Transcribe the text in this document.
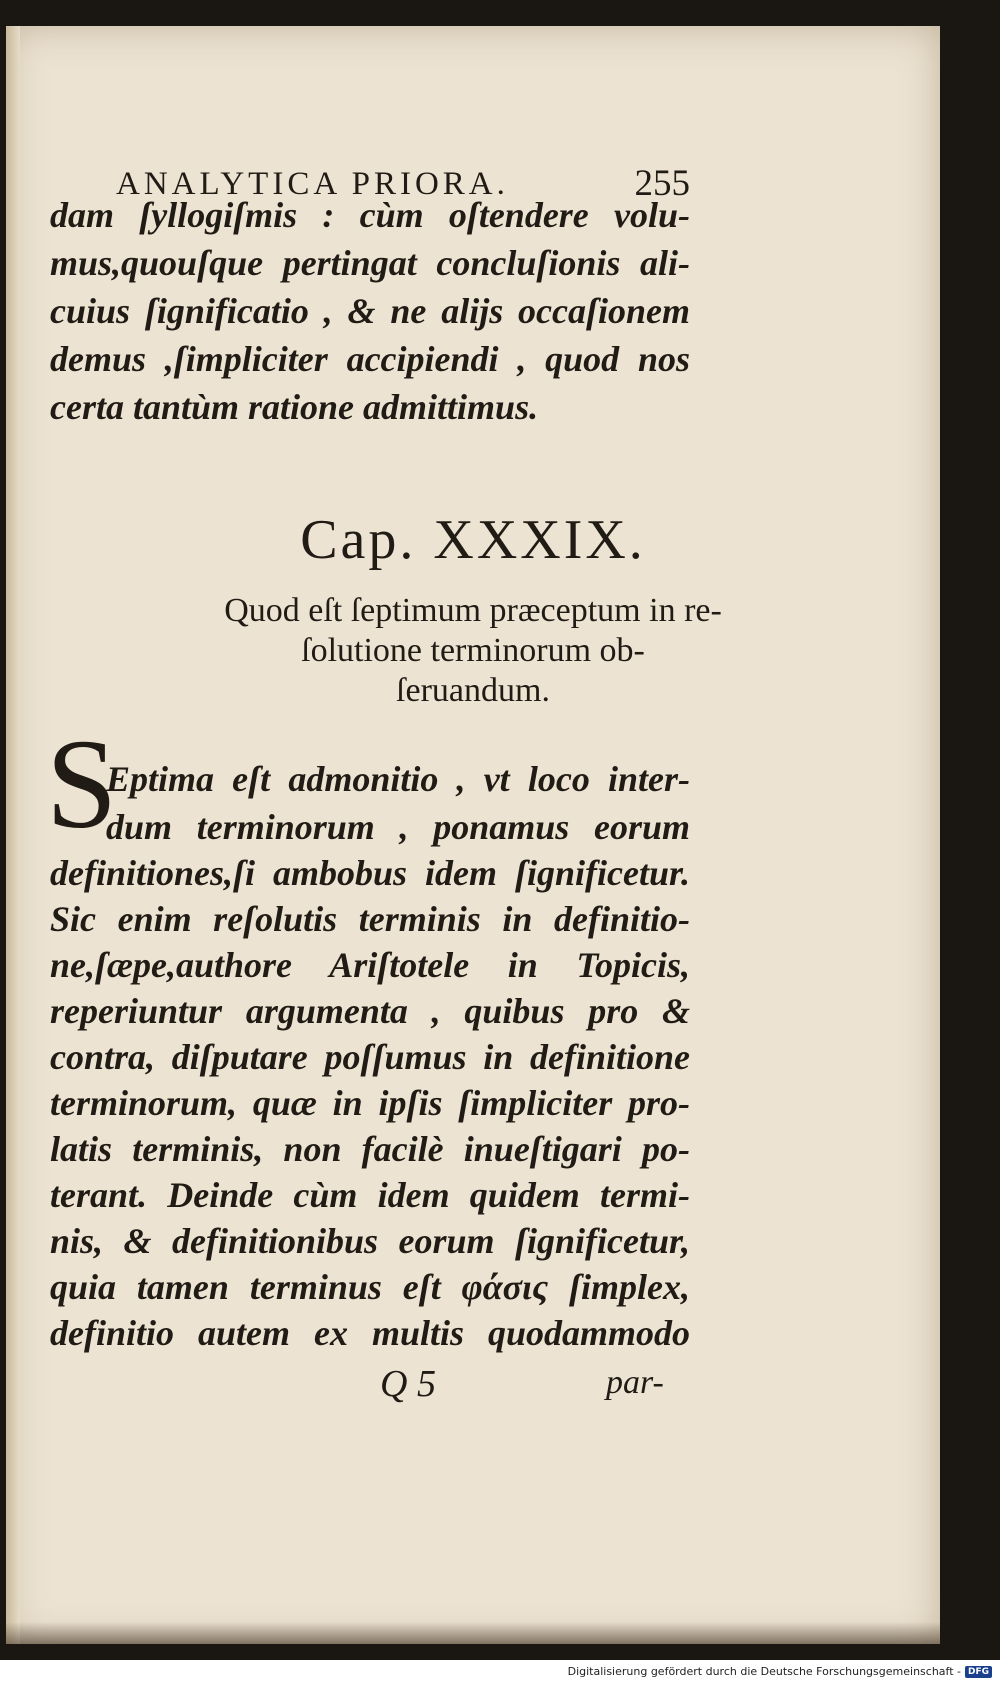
ANALYTICA PRIORA.	255
dam ſyllogiſmis : cùm oſtendere volu-
mus,quouſque pertingat concluſionis ali-
cuius ſignificatio , & ne alijs occaſionem
demus ,ſimpliciter accipiendi , quod nos
certa tantùm ratione admittimus.
Cap. XXXIX.
Quod eſt ſeptimum præceptum in re-
ſolutione terminorum ob-
ſeruandum.
S
Eptima eſt admonitio , vt loco inter-
dum terminorum , ponamus eorum
definitiones,ſi ambobus idem ſignificetur.
Sic enim reſolutis terminis in definitio-
ne,ſæpe,authore Ariſtotele in Topicis,
reperiuntur argumenta , quibus pro &
contra, diſputare poſſumus in definitione
terminorum, quæ in ipſis ſimpliciter pro-
latis terminis, non facilè inueſtigari po-
terant. Deinde cùm idem quidem termi-
nis, & definitionibus eorum ſignificetur,
quia tamen terminus eſt φάσις ſimplex,
definitio autem ex multis quodammodo
Q 5	par-
Digitalisierung gefördert durch die Deutsche Forschungsgemeinschaft - DFG
